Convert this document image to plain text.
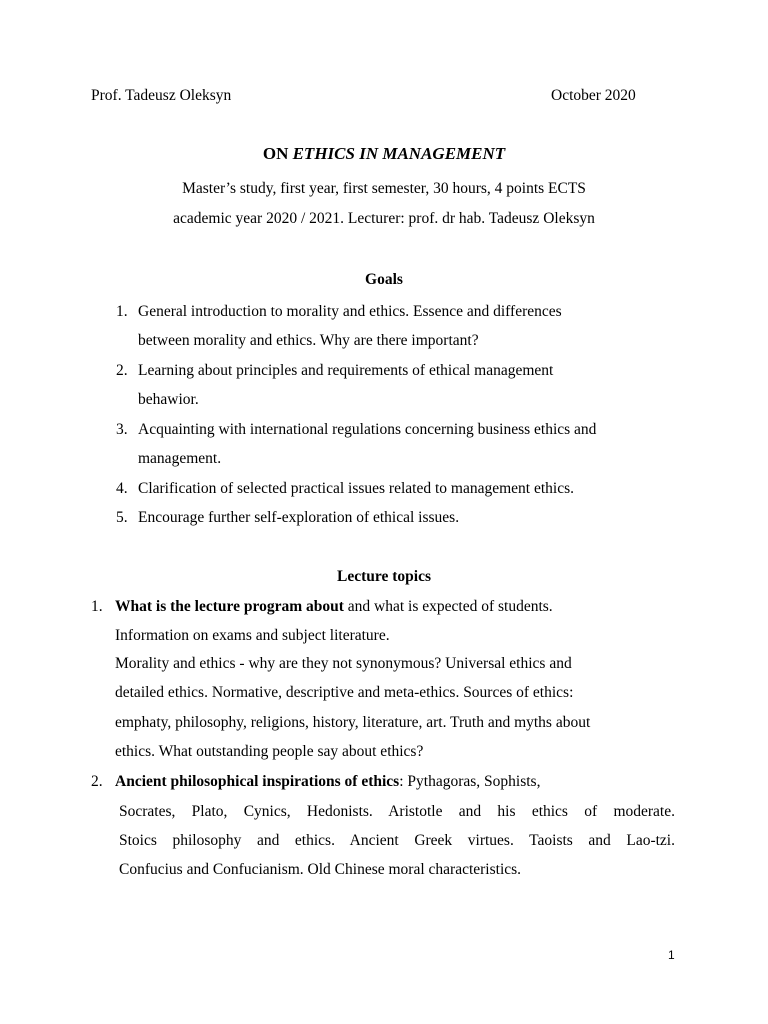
Prof. Tadeusz Oleksyn	October 2020
ON ETHICS IN MANAGEMENT
Master’s study, first year, first semester, 30 hours, 4 points ECTS
academic year 2020 / 2021. Lecturer: prof. dr hab. Tadeusz Oleksyn
Goals
1. General introduction to morality and ethics. Essence and differences
between morality and ethics. Why are there important?
2. Learning about principles and requirements of ethical management
behawior.
3. Acquainting with international regulations concerning business ethics and
management.
4. Clarification of selected practical issues related to management ethics.
5. Encourage further self-exploration of ethical issues.
Lecture topics
1. What is the lecture program about and what is expected of students.
Information on exams and subject literature.
Morality and ethics - why are they not synonymous? Universal ethics and
detailed ethics. Normative, descriptive and meta-ethics. Sources of ethics:
emphaty, philosophy, religions, history, literature, art. Truth and myths about
ethics. What outstanding people say about ethics?
2. Ancient philosophical inspirations of ethics: Pythagoras, Sophists,
Socrates, Plato, Cynics, Hedonists. Aristotle and his ethics of moderate.
Stoics philosophy and ethics. Ancient Greek virtues. Taoists and Lao-tzi.
Confucius and Confucianism. Old Chinese moral characteristics.
1
